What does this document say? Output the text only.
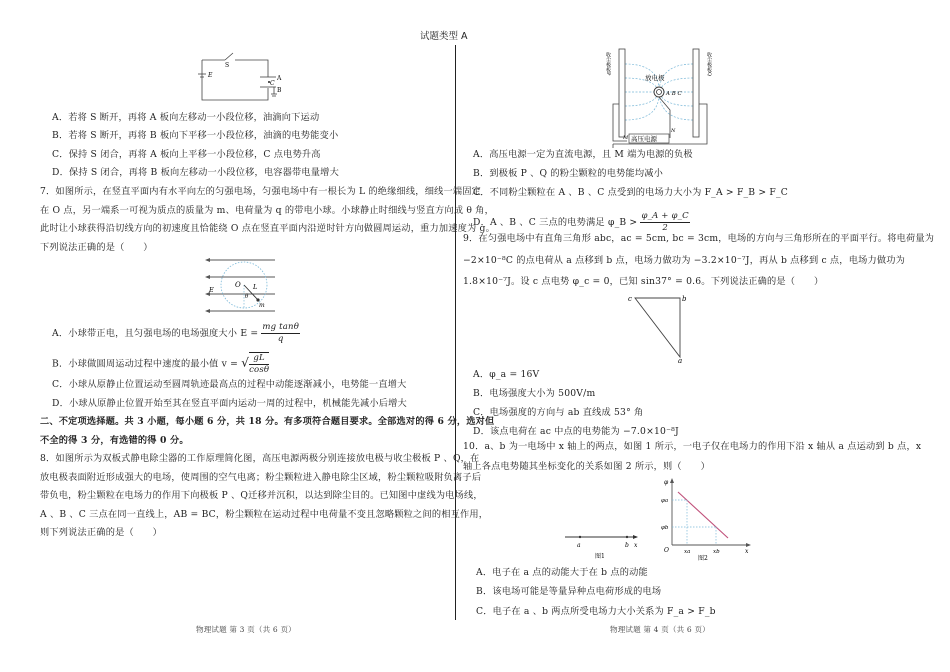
试题类型 A
S
E	A
C
B
A．若将 S 断开，再将 A 板向左移动一小段位移，油滴向下运动
B．若将 S 断开，再将 B 板向下平移一小段位移，油滴的电势能变小
C．保持 S 闭合，再将 A 板向上平移一小段位移，C 点电势升高
D．保持 S 闭合，再将 B 板向左移动一小段位移，电容器带电量增大
7．如图所示，在竖直平面内有水平向左的匀强电场，匀强电场中有一根长为 L 的绝缘细线，细线一端固定
在 O 点，另一端系一可视为质点的质量为 m、电荷量为 q 的带电小球。小球静止时细线与竖直方向成 θ 角，
此时让小球获得沿切线方向的初速度且恰能绕 O 点在竖直平面内沿逆时针方向做圆周运动，重力加速度为 g。
下列说法正确的是（　　）
O
E	L
θ
m
A．小球带正电，且匀强电场的电场强度大小 $E = \frac{\text{mg tanθ}}{q}$
B．小球做圆周运动过程中速度的最小值 v = √ $\frac{gL}{\cos\theta}$
C．小球从原静止位置运动至圆周轨迹最高点的过程中动能逐渐减小，电势能一直增大
D．小球从原静止位置开始至其在竖直平面内运动一周的过程中，机械能先减小后增大
二、不定项选择题。共 3 小题，每小题 6 分，共 18 分。有多项符合题目要求。全部选对的得 6 分，选对但
不全的得 3 分，有选错的得 0 分。
8．如图所示为双板式静电除尘器的工作原理简化图，高压电源两极分别连接放电极与收尘极板 P 、Q，在
放电极表面附近形成强大的电场，使周围的空气电离；粉尘颗粒进入静电除尘区域，粉尘颗粒吸附负离子后
带负电，粉尘颗粒在电场力的作用下向极板 P 、Q迁移并沉积，以达到除尘目的。已知图中虚线为电场线，
A 、B 、C 三点在同一直线上，AB = BC，粉尘颗粒在运动过程中电荷量不变且忽略颗粒之间的相互作用，
则下列说法正确的是（　　）
物理试题 第 3 页（共 6 页）
高压电源
放电极
A B C
M
N
收尘极板P	收尘极板Q
A．高压电源一定为直流电源，且 M 端为电源的负极
B．到极板 P 、Q 的粉尘颗粒的电势能均减小
C．不同粉尘颗粒在 A 、B 、C 点受到的电场力大小为 F_A > F_B > F_C
D．A 、B 、C 三点的电势满足 φ_B > $\frac{\varphi\_A + \varphi\_C}{2}$
9．在匀强电场中有直角三角形 abc，ac = 5cm, bc = 3cm，电场的方向与三角形所在的平面平行。将电荷量为
−2×10⁻⁸C 的点电荷从 a 点移到 b 点，电场力做功为 −3.2×10⁻⁷J，再从 b 点移到 c 点，电场力做功为
1.8×10⁻⁷J。设 c 点电势 φ_c = 0，已知 sin37° = 0.6。下列说法正确的是（　　）
c	b
a
A．φ_a = 16V
B．电场强度大小为 500V/m
C．电场强度的方向与 ab 直线成 53° 角
D．该点电荷在 ac 中点的电势能为 −7.0×10⁻⁸J
10．a、b 为一电场中 x 轴上的两点，如图 1 所示，一电子仅在电场力的作用下沿 x 轴从 a 点运动到 b 点，x
轴上各点电势随其坐标变化的关系如图 2 所示，则（　　）
a	b x
图1
φ
φa
φb
O	xa	xb	x
图2
A．电子在 a 点的动能大于在 b 点的动能
B．该电场可能是等量异种点电荷形成的电场
C．电子在 a 、b 两点所受电场力大小关系为 F_a > F_b
物理试题 第 4 页（共 6 页）
